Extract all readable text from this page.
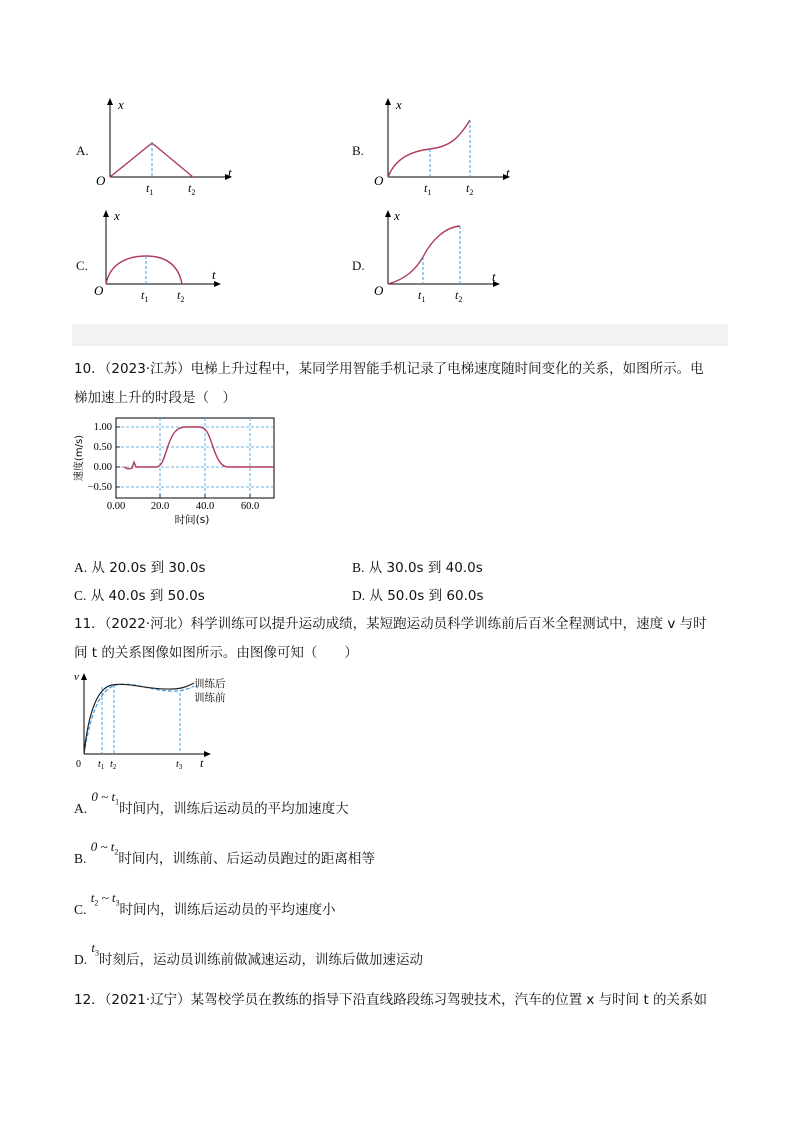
A.
x
t
O	$t_1$	$t_2$
B.
x
t
O	$t_1$	$t_2$
C.
x
t
O	$t_1$ $t_2$
D.
x
t
O	$t_1$ $t_2$
10．（2023·江苏）电梯上升过程中，某同学用智能手机记录了电梯速度随时间变化的关系，如图所示。电
梯加速上升的时段是（　）
1.00
0.50
0.00
−0.50
0.00 20.0	40.0	60.0
时间(s)
速度(m/s)
A. 从 20.0s 到 30.0s	B. 从 30.0s 到 40.0s
C. 从 40.0s 到 50.0s	D. 从 50.0s 到 60.0s
11．（2022·河北）科学训练可以提升运动成绩，某短跑运动员科学训练前后百米全程测试中，速度 v 与时
间 t 的关系图像如图所示。由图像可知（　　）
v
t
0
训练后
训练前
$t_1$ $t_2$	$t_3$
A. 0 ~ $t_1$时间内，训练后运动员的平均加速度大
B. 0 ~ $t_2$时间内，训练前、后运动员跑过的距离相等
C. $t_2$ ~ $t_3$时间内，训练后运动员的平均速度小
D. $t_3$时刻后，运动员训练前做减速运动，训练后做加速运动
12．（2021·辽宁）某驾校学员在教练的指导下沿直线路段练习驾驶技术，汽车的位置 x 与时间 t 的关系如
